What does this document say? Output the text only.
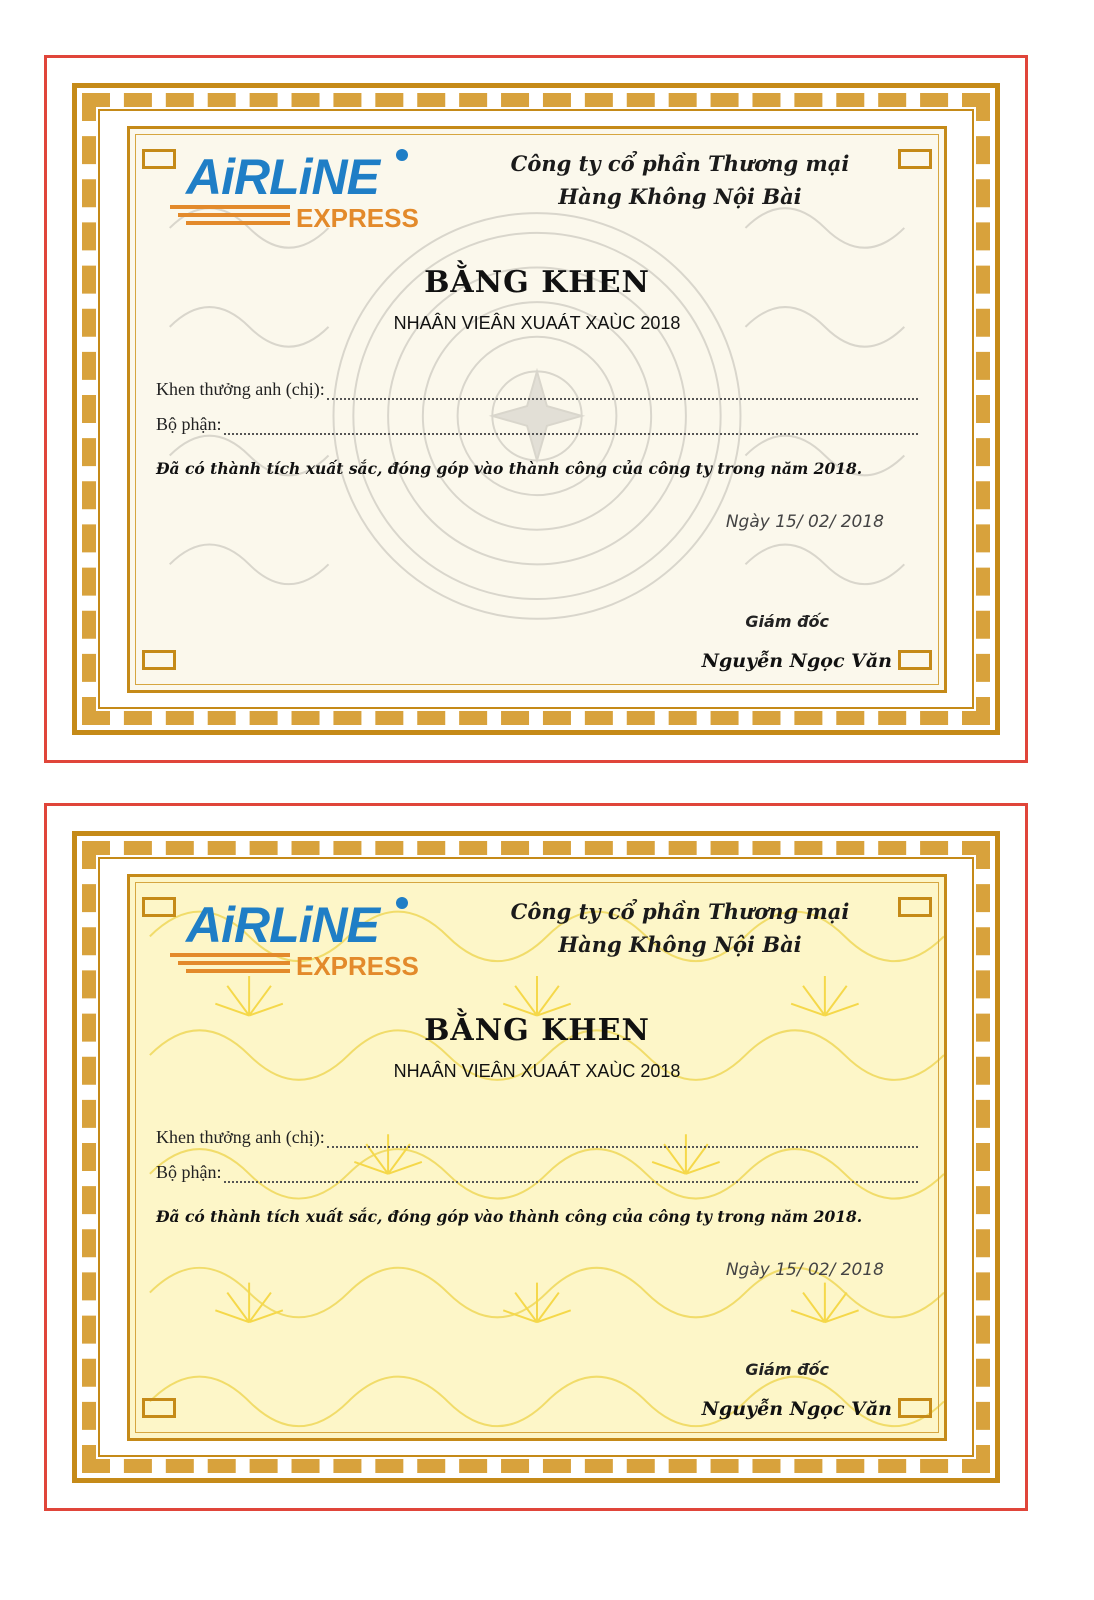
AiRLiNE
EXPRESS
Công ty cổ phần Thương mại
Hàng Không Nội Bài
BẰNG KHEN
NHAÂN VIEÂN XUAÁT XAÙC 2018
Khen thưởng anh (chị):
Bộ phận:
Đã có thành tích xuất sắc, đóng góp vào thành công của công ty trong năm 2018.
Ngày 15/ 02/ 2018
Giám đốc
Nguyễn Ngọc Văn
AiRLiNE
EXPRESS
Công ty cổ phần Thương mại
Hàng Không Nội Bài
BẰNG KHEN
NHAÂN VIEÂN XUAÁT XAÙC 2018
Khen thưởng anh (chị):
Bộ phận:
Đã có thành tích xuất sắc, đóng góp vào thành công của công ty trong năm 2018.
Ngày 15/ 02/ 2018
Giám đốc
Nguyễn Ngọc Văn
